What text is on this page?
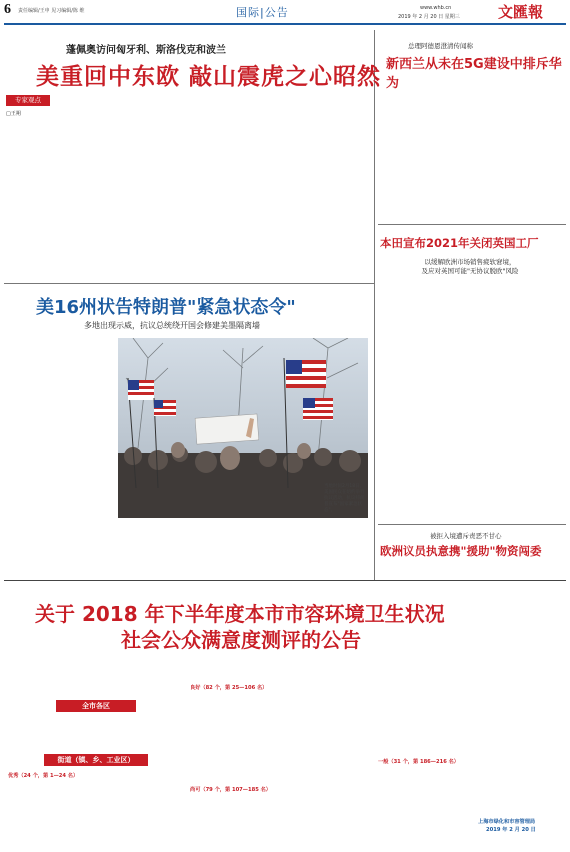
6 责任编辑/王申 见习编辑/陈 维	国际|公告	www.whb.cn
2019 年 2 月 20 日 星期三	文匯報
蓬佩奥访问匈牙利、斯洛伐克和波兰
美重回中东欧 敲山震虎之心昭然
专家观点
□王朔
总理阿德恩澄清传闻称
新西兰从未在5G建设中排斥华为
本田宣布2021年关闭英国工厂
以缓解欧洲市场销售疲软窘境，
及应对英国可能"无协议脱欧"风险
被拒入境遭斥责恶不甘心
欧洲议员执意携"援助"物资闯委
美16州状告特朗普"紧急状态令"
多地出现示威，抗议总统绕开国会修建美墨隔离墙
当地时间2月18日，美国民众在纽约举行抗议活动，抗议特朗普宣布"国家紧急状态"。
关于 2018 年下半年度本市市容环境卫生状况
社会公众满意度测评的公告
全市各区
街道（镇、乡、工业区）
优秀（24 个，第 1—24 名）
良好（82 个，第 25—106 名）
尚可（79 个，第 107—185 名）
一般（31 个，第 186—216 名）
上海市绿化和市容管理局
2019 年 2 月 20 日
